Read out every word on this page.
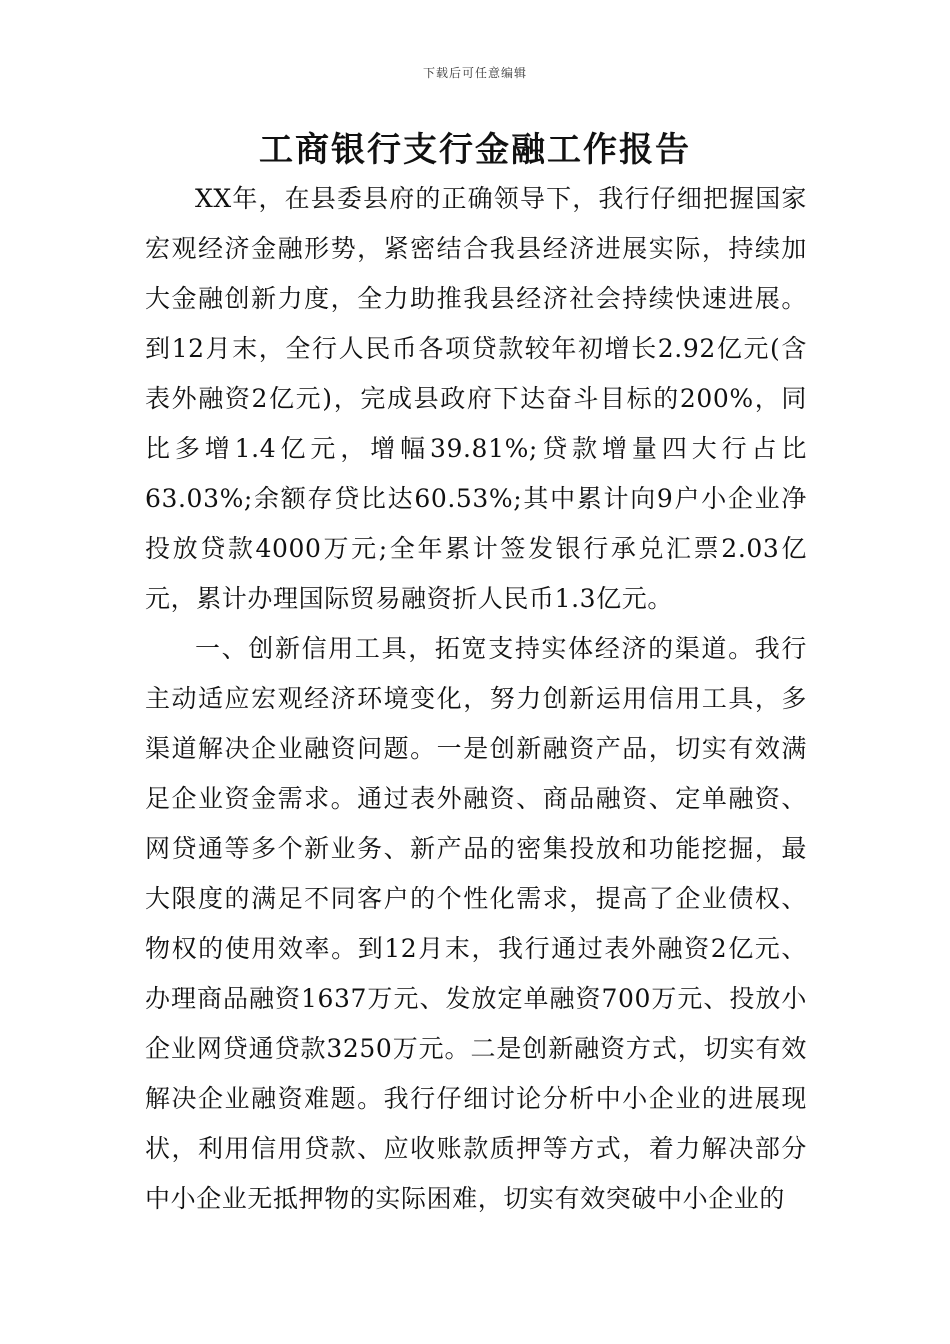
下载后可任意编辑
工商银行支行金融工作报告

XX年，在县委县府的正确领导下，我行仔细把握国家宏观经济金融形势，紧密结合我县经济进展实际，持续加大金融创新力度，全力助推我县经济社会持续快速进展。到12月末，全行人民币各项贷款较年初增长2.92亿元(含表外融资2亿元)，完成县政府下达奋斗目标的200%，同比多增1.4亿元，增幅39.81%;贷款增量四大行占比63.03%;余额存贷比达60.53%;其中累计向9户小企业净投放贷款4000万元;全年累计签发银行承兑汇票2.03亿元，累计办理国际贸易融资折人民币1.3亿元。

一、创新信用工具，拓宽支持实体经济的渠道。我行主动适应宏观经济环境变化，努力创新运用信用工具，多渠道解决企业融资问题。一是创新融资产品，切实有效满足企业资金需求。通过表外融资、商品融资、定单融资、网贷通等多个新业务、新产品的密集投放和功能挖掘，最大限度的满足不同客户的个性化需求，提高了企业债权、物权的使用效率。到12月末，我行通过表外融资2亿元、办理商品融资1637万元、发放定单融资700万元、投放小企业网贷通贷款3250万元。二是创新融资方式，切实有效解决企业融资难题。我行仔细讨论分析中小企业的进展现状，利用信用贷款、应收账款质押等方式，着力解决部分中小企业无抵押物的实际困难，切实有效突破中小企业的
